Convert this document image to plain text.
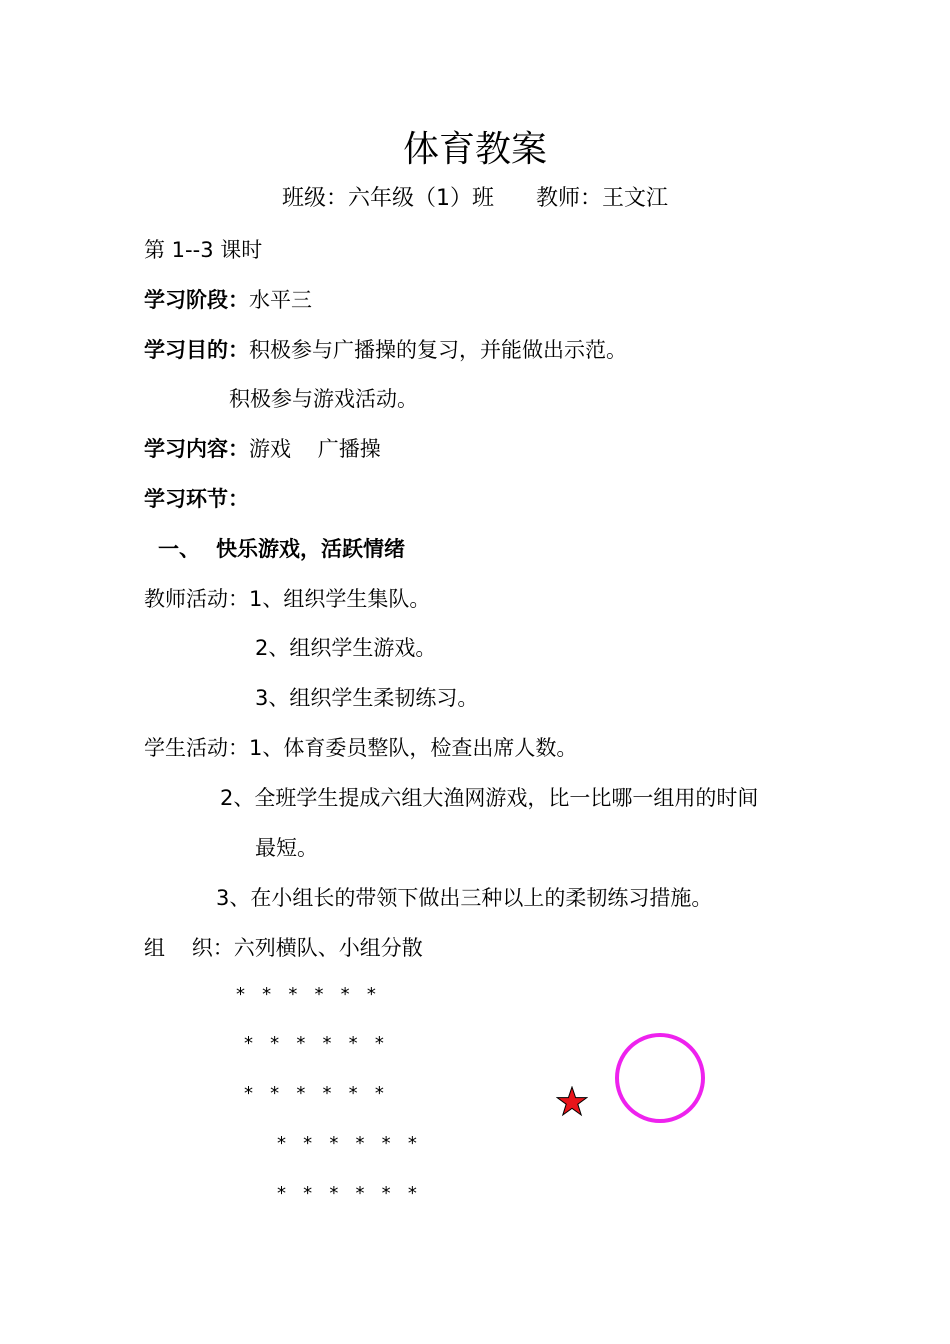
体育教案
班级：六年级（1）班      教师：王文江
第 1--3 课时
学习阶段：水平三
学习目的：积极参与广播操的复习，并能做出示范。
积极参与游戏活动。
学习内容：游戏    广播操
学习环节：
一、 快乐游戏，活跃情绪
教师活动：1、组织学生集队。
2、组织学生游戏。
3、组织学生柔韧练习。
学生活动：1、体育委员整队，检查出席人数。
2、全班学生提成六组大渔网游戏，比一比哪一组用的时间
最短。
3、在小组长的带领下做出三种以上的柔韧练习措施。
组    织：六列横队、小组分散
*   *   *   *   *   *
*   *   *   *   *   *
*   *   *   *   *   *
*   *   *   *   *   *
*   *   *   *   *   *
